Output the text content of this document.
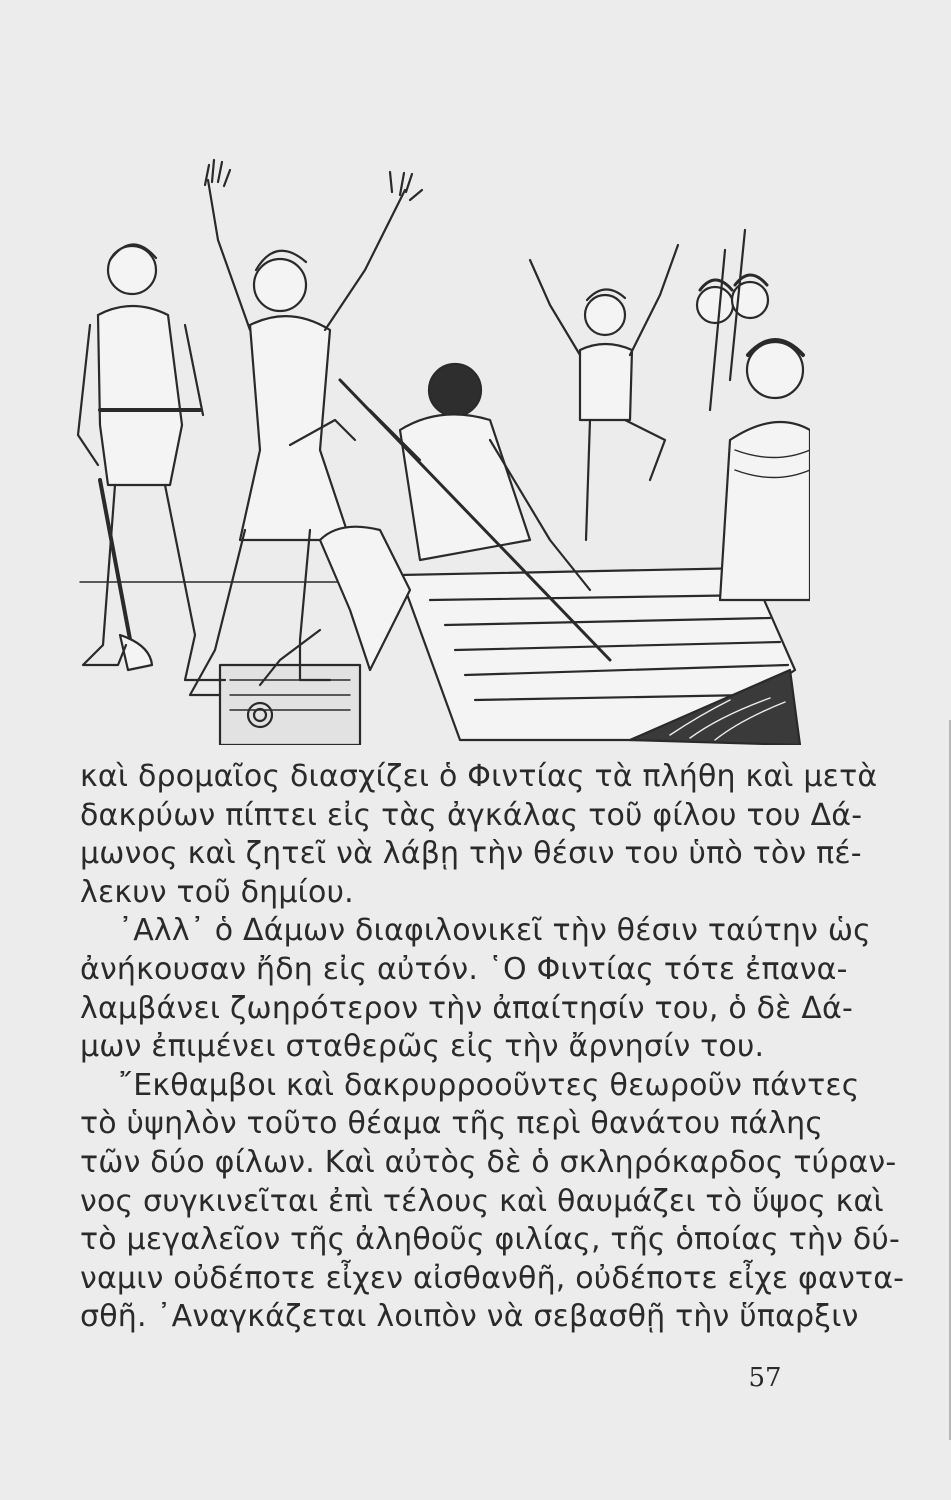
καὶ δρομαῖος διασχίζει ὁ Φιντίας τὰ πλήθη καὶ μετὰ
δακρύων πίπτει εἰς τὰς ἀγκάλας τοῦ φίλου του Δά-
μωνος καὶ ζητεῖ νὰ λάβῃ τὴν θέσιν του ὑπὸ τὸν πέ-
λεκυν τοῦ δημίου.
᾿Αλλ᾿ ὁ Δάμων διαφιλονικεῖ τὴν θέσιν ταύτην ὡς
ἀνήκουσαν ἤδη εἰς αὐτόν. ῾Ο Φιντίας τότε ἐπανα-
λαμβάνει ζωηρότερον τὴν ἀπαίτησίν του, ὁ δὲ Δά-
μων ἐπιμένει σταθερῶς εἰς τὴν ἄρνησίν του.
῎Εκθαμβοι καὶ δακρυρροοῦντες θεωροῦν πάντες
τὸ ὑψηλὸν τοῦτο θέαμα τῆς περὶ θανάτου πάλης
τῶν δύο φίλων. Καὶ αὐτὸς δὲ ὁ σκληρόκαρδος τύραν-
νος συγκινεῖται ἐπὶ τέλους καὶ θαυμάζει τὸ ὕψος καὶ
τὸ μεγαλεῖον τῆς ἀληθοῦς φιλίας, τῆς ὁποίας τὴν δύ-
ναμιν οὐδέποτε εἶχεν αἰσθανθῆ, οὐδέποτε εἶχε φαντα-
σθῆ. ᾿Αναγκάζεται λοιπὸν νὰ σεβασθῇ τὴν ὕπαρξιν
57
